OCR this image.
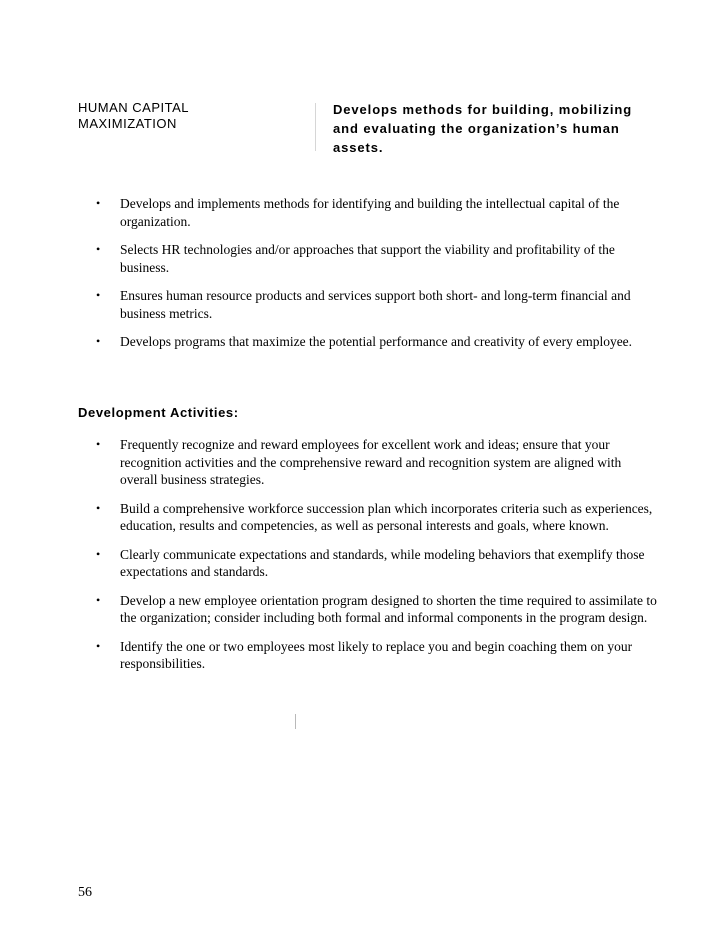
HUMAN CAPITAL
MAXIMIZATION
Develops methods for building, mobilizing
and evaluating the organization’s human
assets.
• Develops and implements methods for identifying and building the intellectual capital of the organization.
• Selects HR technologies and/or approaches that support the viability and profitability of the business.
• Ensures human resource products and services support both short- and long-term financial and business metrics.
• Develops programs that maximize the potential performance and creativity of every employee.
Development Activities:
• Frequently recognize and reward employees for excellent work and ideas; ensure that your recognition activities and the comprehensive reward and recognition system are aligned with overall business strategies.
• Build a comprehensive workforce succession plan which incorporates criteria such as experiences, education, results and competencies, as well as personal interests and goals, where known.
• Clearly communicate expectations and standards, while modeling behaviors that exemplify those expectations and standards.
• Develop a new employee orientation program designed to shorten the time required to assimilate to the organization; consider including both formal and informal components in the program design.
• Identify the one or two employees most likely to replace you and begin coaching them on your responsibilities.
56
